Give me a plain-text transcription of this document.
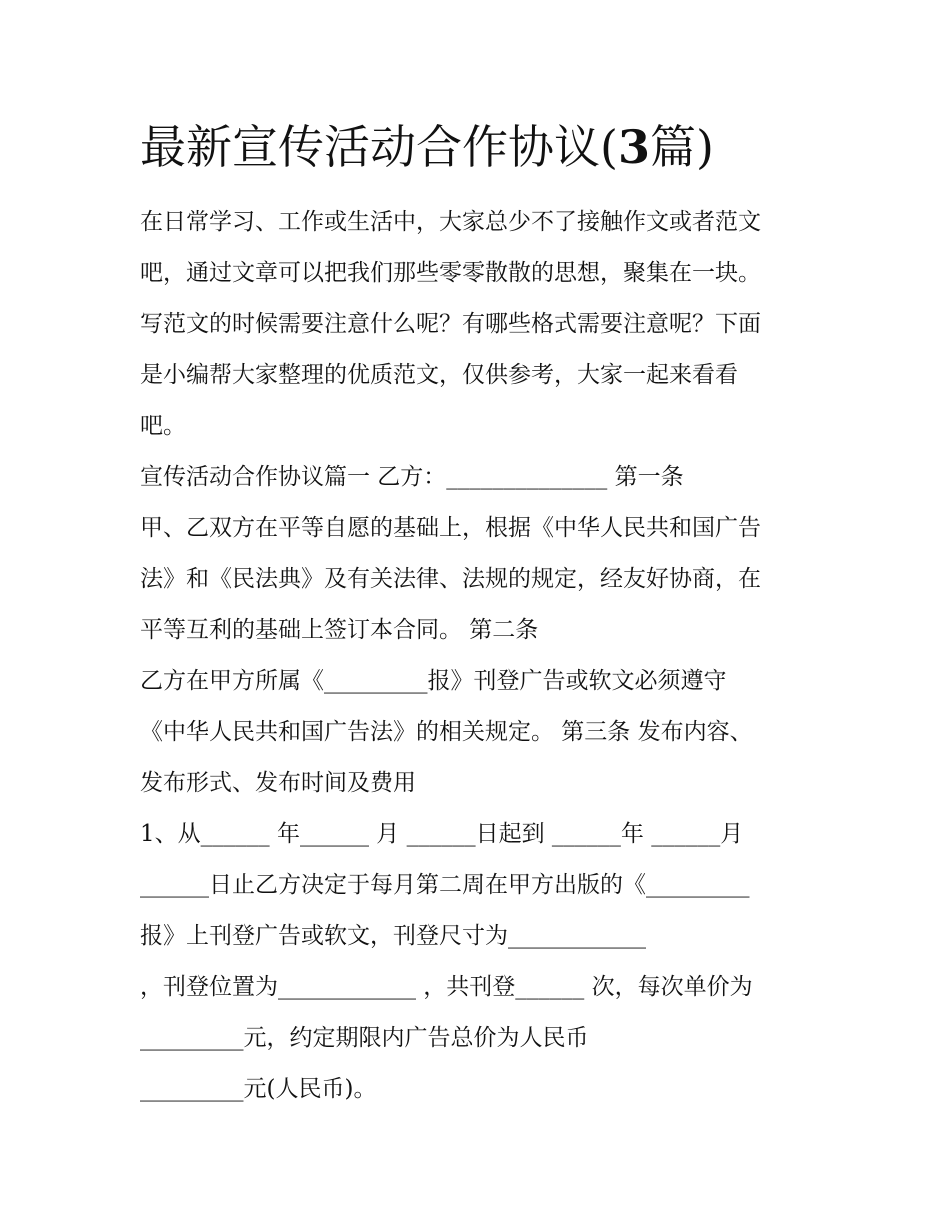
最新宣传活动合作协议(3篇)
在日常学习、工作或生活中，大家总少不了接触作文或者范文
吧，通过文章可以把我们那些零零散散的思想，聚集在一块。
写范文的时候需要注意什么呢？有哪些格式需要注意呢？下面
是小编帮大家整理的优质范文，仅供参考，大家一起来看看
吧。
宣传活动合作协议篇一 乙方：______________ 第一条
甲、乙双方在平等自愿的基础上，根据《中华人民共和国广告
法》和《民法典》及有关法律、法规的规定，经友好协商，在
平等互利的基础上签订本合同。 第二条
乙方在甲方所属《_________报》刊登广告或软文必须遵守
《中华人民共和国广告法》的相关规定。 第三条 发布内容、
发布形式、发布时间及费用
1、从______ 年______ 月 ______日起到 ______年 ______月
______日止乙方决定于每月第二周在甲方出版的《_________
报》上刊登广告或软文，刊登尺寸为____________
，刊登位置为____________ ，共刊登______ 次，每次单价为
_________元，约定期限内广告总价为人民币
_________元(人民币)。
